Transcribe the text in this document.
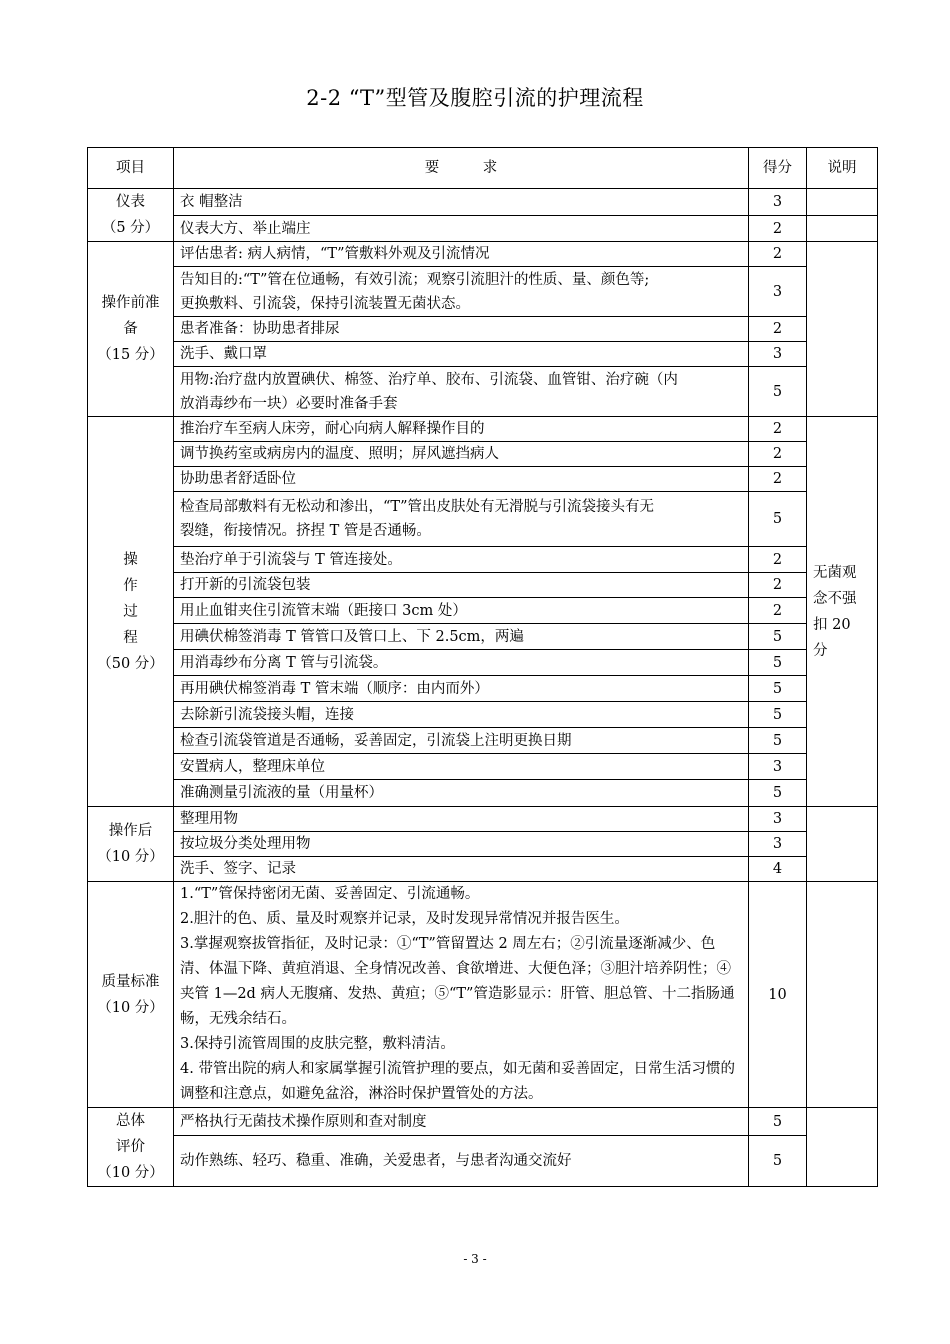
2-2 “T”型管及腹腔引流的护理流程
项目	要　　　求	得分	说明
仪表
（5 分）	衣 帽整洁	3	

	仪表大方、举止端庄	2	
操作前准
备
（15 分）	评估患者: 病人病情，“T”管敷料外观及引流情况	2	

	告知目的:“T”管在位通畅，有效引流；观察引流胆汁的性质、量、颜色等;
更换敷料、引流袋，保持引流装置无菌状态。	3	

	患者准备：协助患者排尿	2	

	洗手、戴口罩	3	

	用物:治疗盘内放置碘伏、棉签、治疗单、胶布、引流袋、血管钳、治疗碗（内
放消毒纱布一块）必要时准备手套	5	
操
作
过
程
（50 分）	推治疗车至病人床旁，耐心向病人解释操作目的	2	无菌观
念不强
扣 20
分

	调节换药室或病房内的温度、照明；屏风遮挡病人	2	

	协助患者舒适卧位	2	

	检查局部敷料有无松动和渗出，“T”管出皮肤处有无滑脱与引流袋接头有无
裂缝，衔接情况。挤捏 T 管是否通畅。	5	

	垫治疗单于引流袋与 T 管连接处。	2	

	打开新的引流袋包装	2	

	用止血钳夹住引流管末端（距接口 3cm 处）	2	

	用碘伏棉签消毒 T 管管口及管口上、下 2.5cm，两遍	5	

	用消毒纱布分离 T 管与引流袋。	5	

	再用碘伏棉签消毒 T 管末端（顺序：由内而外）	5	

	去除新引流袋接头帽，连接	5	

	检查引流袋管道是否通畅，妥善固定，引流袋上注明更换日期	5	

	安置病人，整理床单位	3	

	准确测量引流液的量（用量杯）	5	
操作后
（10 分）	整理用物	3	

	按垃圾分类处理用物	3	

	洗手、签字、记录	4	
质量标准
（10 分）	1.“T”管保持密闭无菌、妥善固定、引流通畅。
2.胆汁的色、质、量及时观察并记录，及时发现异常情况并报告医生。
3.掌握观察拔管指征，及时记录：①“T”管留置达 2 周左右；②引流量逐渐减少、色清、体温下降、黄疸消退、全身情况改善、食欲增进、大便色泽；③胆汁培养阴性；④夹管 1—2d 病人无腹痛、发热、黄疸；⑤“T”管造影显示：肝管、胆总管、十二指肠通畅，无残余结石。
3.保持引流管周围的皮肤完整，敷料清洁。
4. 带管出院的病人和家属掌握引流管护理的要点，如无菌和妥善固定，日常生活习惯的调整和注意点，如避免盆浴，淋浴时保护置管处的方法。	10	
总体
评价
（10 分）	严格执行无菌技术操作原则和查对制度	5	

	动作熟练、轻巧、稳重、准确，关爱患者，与患者沟通交流好	5	
- 3 -
